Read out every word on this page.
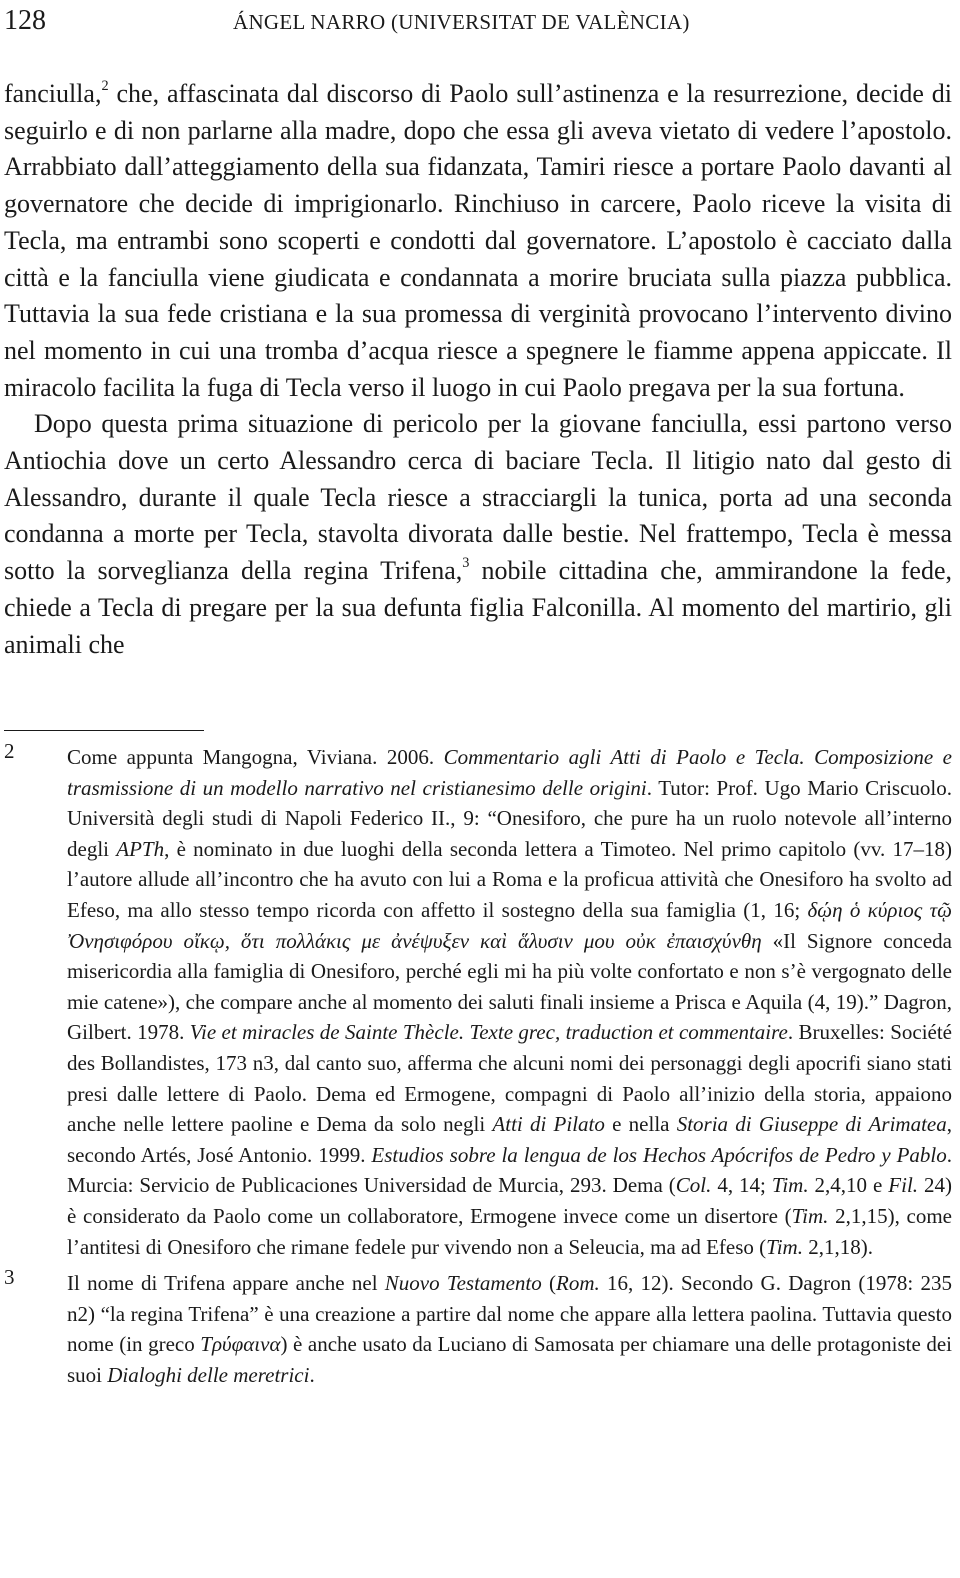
128	ÁNGEL NARRO (UNIVERSITAT DE VALÈNCIA)

fanciulla,$^2$ che, affascinata dal discorso di Paolo sull’astinenza e la resurrezione, decide di seguirlo e di non parlarne alla madre, dopo che essa gli aveva vietato di vedere l’apostolo. Arrabbiato dall’atteggiamento della sua fidanzata, Tamiri riesce a portare Paolo davanti al governatore che decide di imprigionarlo. Rinchiuso in carcere, Paolo riceve la visita di Tecla, ma entrambi sono scoperti e condotti dal governatore. L’apostolo è cacciato dalla città e la fanciulla viene giudicata e condannata a morire bruciata sulla piazza pubblica. Tuttavia la sua fede cristiana e la sua promessa di verginità provocano l’intervento divino nel momento in cui una tromba d’acqua riesce a spegnere le fiamme appena appiccate. Il miracolo facilita la fuga di Tecla verso il luogo in cui Paolo pregava per la sua fortuna.

Dopo questa prima situazione di pericolo per la giovane fanciulla, essi partono verso Antiochia dove un certo Alessandro cerca di baciare Tecla. Il litigio nato dal gesto di Alessandro, durante il quale Tecla riesce a stracciargli la tunica, porta ad una seconda condanna a morte per Tecla, stavolta divorata dalle bestie. Nel frattempo, Tecla è messa sotto la sorveglianza della regina Trifena,$^3$ nobile cittadina che, ammirandone la fede, chiede a Tecla di pregare per la sua defunta figlia Falconilla. Al momento del martirio, gli animali che

2	Come appunta Mangogna, Viviana. 2006. Commentario agli Atti di Paolo e Tecla. Composizione e trasmissione di un modello narrativo nel cristianesimo delle origini. Tutor: Prof. Ugo Mario Criscuolo. Università degli studi di Napoli Federico II., 9: “Onesiforo, che pure ha un ruolo notevole all’interno degli APTh, è nominato in due luoghi della seconda lettera a Timoteo. Nel primo capitolo (vv. 17–18) l’autore allude all’incontro che ha avuto con lui a Roma e la proficua attività che Onesiforo ha svolto ad Efeso, ma allo stesso tempo ricorda con affetto il sostegno della sua famiglia (1, 16; δῴη ὁ κύριος τῷ Ὀνησιφόρου οἴκῳ, ὅτι πολλάκις με ἀνέψυξεν καὶ ἅλυσιν μου οὐκ ἐπαισχύνθη «Il Signore conceda misericordia alla famiglia di Onesiforo, perché egli mi ha più volte confortato e non s’è vergognato delle mie catene»), che compare anche al momento dei saluti finali insieme a Prisca e Aquila (4, 19).” Dagron, Gilbert. 1978. Vie et miracles de Sainte Thècle. Texte grec, traduction et commentaire. Bruxelles: Société des Bollandistes, 173 n3, dal canto suo, afferma che alcuni nomi dei personaggi degli apocrifi siano stati presi dalle lettere di Paolo. Dema ed Ermogene, compagni di Paolo all’inizio della storia, appaiono anche nelle lettere paoline e Dema da solo negli Atti di Pilato e nella Storia di Giuseppe di Arimatea, secondo Artés, José Antonio. 1999. Estudios sobre la lengua de los Hechos Apócrifos de Pedro y Pablo. Murcia: Servicio de Publicaciones Universidad de Murcia, 293. Dema (Col. 4, 14; Tim. 2,4,10 e Fil. 24) è considerato da Paolo come un collaboratore, Ermogene invece come un disertore (Tim. 2,1,15), come l’antitesi di Onesiforo che rimane fedele pur vivendo non a Seleucia, ma ad Efeso (Tim. 2,1,18).
3	Il nome di Trifena appare anche nel Nuovo Testamento (Rom. 16, 12). Secondo G. Dagron (1978: 235 n2) “la regina Trifena” è una creazione a partire dal nome che appare alla lettera paolina. Tuttavia questo nome (in greco Τρύφαινα) è anche usato da Luciano di Samosata per chiamare una delle protagoniste dei suoi Dialoghi delle meretrici.
